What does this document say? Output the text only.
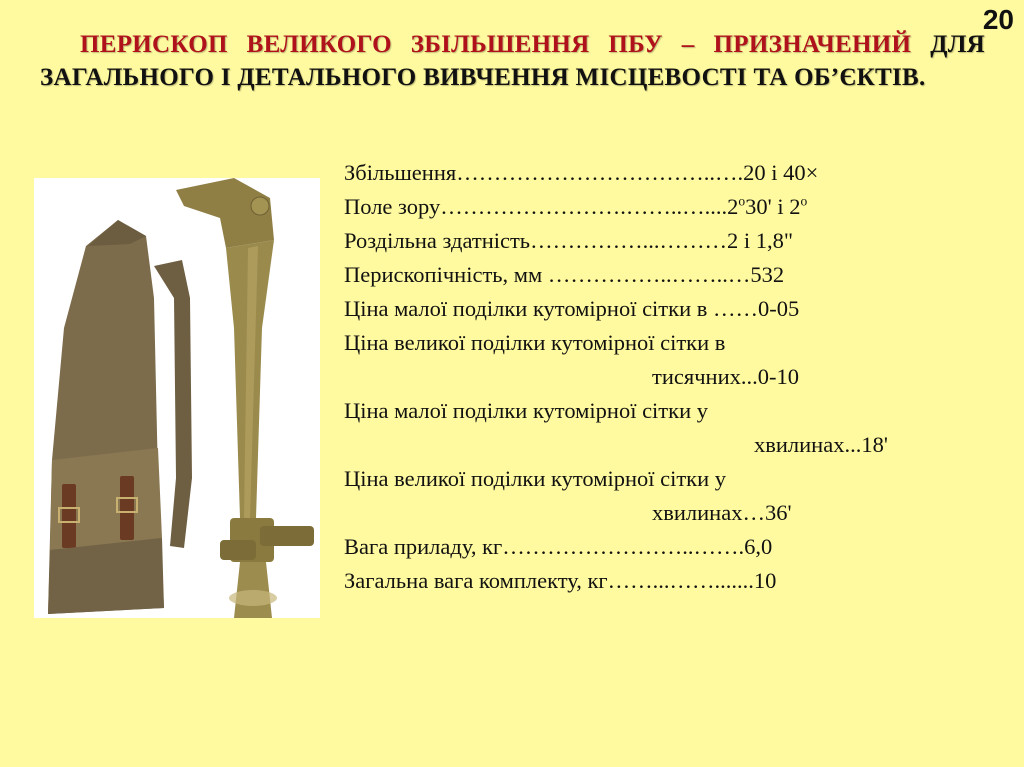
20
ПЕРИСКОП ВЕЛИКОГО ЗБІЛЬШЕННЯ ПБУ – ПРИЗНАЧЕНИЙ ДЛЯ ЗАГАЛЬНОГО І ДЕТАЛЬНОГО ВИВЧЕННЯ МІСЦЕВОСТІ ТА ОБ’ЄКТІВ.
Збільшення……………………………..….20 і 40×
Поле зору…………………….……..…....2$^o$30' і 2$^o$
Роздільна здатність……………...………2 і 1,8"
Перископічність, мм ……………..……..…532
Ціна малої поділки кутомірної сітки в ……0-05
Ціна великої поділки кутомірної сітки в
тисячних...0-10
Ціна малої поділки кутомірної сітки у
хвилинах...18'
Ціна великої поділки кутомірної сітки у
хвилинах…36'
Вага приладу, кг……………………..…….6,0
Загальна вага комплекту, кг……...…….......10
